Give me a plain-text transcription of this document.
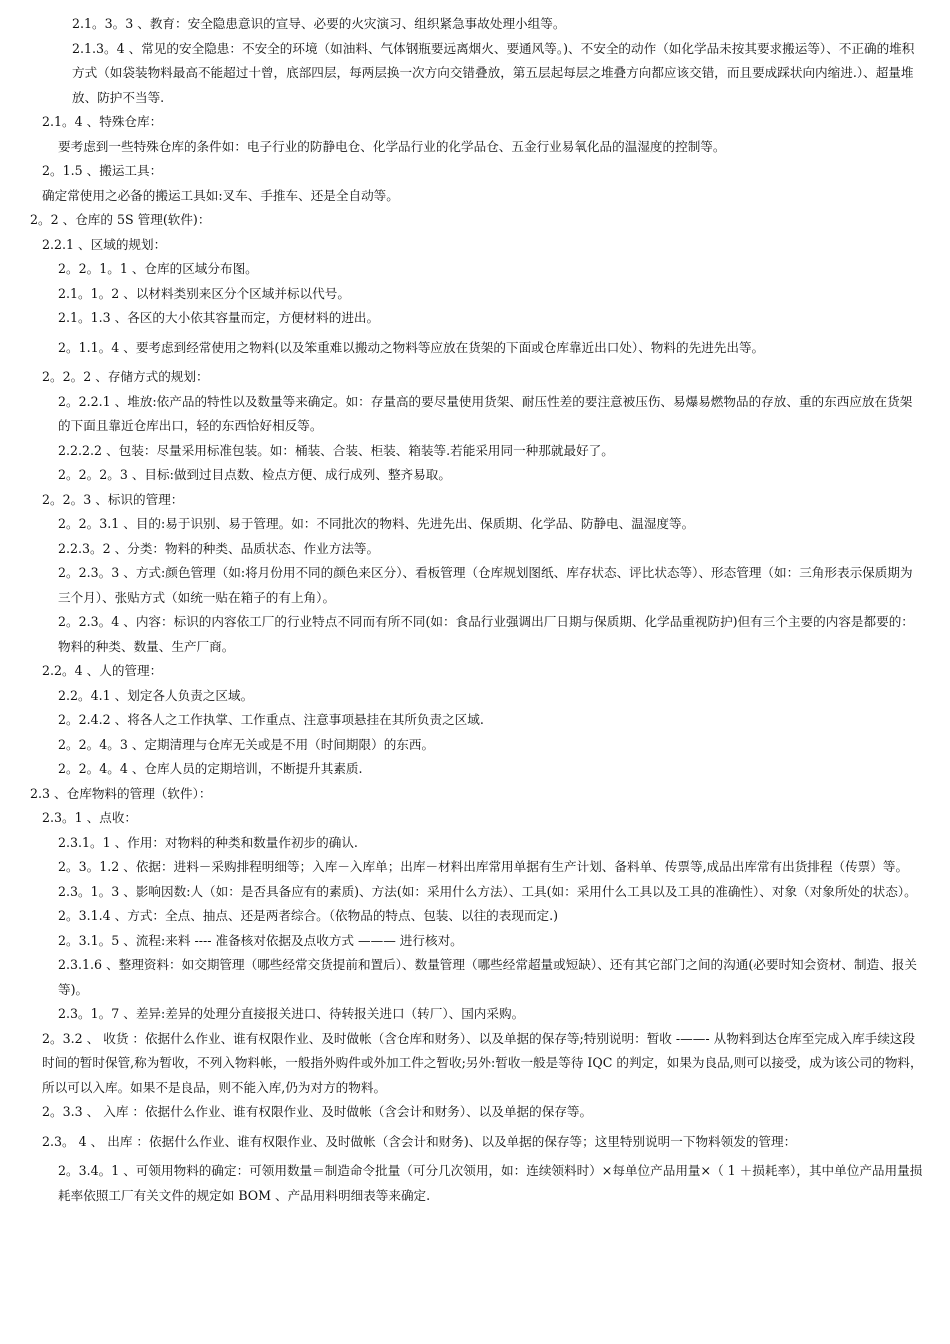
2.1。3。3 、教育：安全隐患意识的宣导、必要的火灾演习、组织紧急事故处理小组等。

2.1.3。4 、常见的安全隐患：不安全的环境（如油料、气体钢瓶要远离烟火、要通风等。)、不安全的动作（如化学品未按其要求搬运等）、不正确的堆积方式（如袋装物料最高不能超过十曾，底部四层，每两层换一次方向交错叠放，第五层起每层之堆叠方向都应该交错，而且要成踩状向内缩进.）、超量堆放、防护不当等.

2.1。4 、特殊仓库：

要考虑到一些特殊仓库的条件如：电子行业的防静电仓、化学品行业的化学品仓、五金行业易氧化品的温湿度的控制等。

2。1.5 、搬运工具：

确定常使用之必备的搬运工具如:叉车、手推车、还是全自动等。

2。2 、仓库的 5S 管理(软件)：

2.2.1 、区域的规划：

2。2。1。1 、仓库的区域分布图。

2.1。1。2 、以材料类别来区分个区域并标以代号。

2.1。1.3 、各区的大小依其容量而定，方便材料的进出。

2。1.1。4 、要考虑到经常使用之物料(以及笨重难以搬动之物料等应放在货架的下面或仓库靠近出口处）、物料的先进先出等。

2。2。2 、存储方式的规划：

2。2.2.1 、堆放:依产品的特性以及数量等来确定。如：存量高的要尽量使用货架、耐压性差的要注意被压伤、易爆易燃物品的存放、重的东西应放在货架的下面且靠近仓库出口，轻的东西恰好相反等。

2.2.2.2 、包装：尽量采用标准包装。如：桶装、合装、柜装、箱装等.若能采用同一种那就最好了。

2。2。2。3 、目标:做到过目点数、检点方便、成行成列、整齐易取。

2。2。3 、标识的管理：

2。2。3.1 、目的:易于识别、易于管理。如：不同批次的物料、先进先出、保质期、化学品、防静电、温湿度等。

2.2.3。2 、分类：物料的种类、品质状态、作业方法等。

2。2.3。3 、方式:颜色管理（如:将月份用不同的颜色来区分）、看板管理（仓库规划图纸、库存状态、评比状态等）、形态管理（如：三角形表示保质期为三个月）、张贴方式（如统一贴在箱子的有上角）。

2。2.3。4 、内容：标识的内容依工厂的行业特点不同而有所不同(如：食品行业强调出厂日期与保质期、化学品重视防护)但有三个主要的内容是都要的：物料的种类、数量、生产厂商。

2.2。4 、人的管理：

2.2。4.1 、划定各人负责之区域。

2。2.4.2 、将各人之工作执掌、工作重点、注意事项悬挂在其所负责之区域.

2。2。4。3 、定期清理与仓库无关或是不用（时间期限）的东西。

2。2。4。4 、仓库人员的定期培训，不断提升其素质.

2.3 、仓库物料的管理（软件）：

2.3。1 、点收：

2.3.1。1 、作用：对物料的种类和数量作初步的确认.

2。3。1.2 、依据：进料－采购排程明细等；入库－入库单；出库－材料出库常用单据有生产计划、备料单、传票等,成品出库常有出货排程（传票）等。

2.3。1。3 、影响因数:人（如：是否具备应有的素质)、方法(如：采用什么方法）、工具(如：采用什么工具以及工具的准确性）、对象（对象所处的状态）。

2。3.1.4 、方式：全点、抽点、还是两者综合。（依物品的特点、包装、以往的表现而定.)

2。3.1。5 、流程:来料 ---- 准备核对依据及点收方式 ——— 进行核对。

2.3.1.6 、整理资料：如交期管理（哪些经常交货提前和置后）、数量管理（哪些经常超量或短缺）、还有其它部门之间的沟通(必要时知会资材、制造、报关等)。

2.3。1。7 、差异:差异的处理分直接报关进口、待转报关进口（转厂）、国内采购。

2。3.2 、 收货 ：依据什么作业、谁有权限作业、及时做帐（含仓库和财务）、以及单据的保存等;特别说明：暂收 -——- 从物料到达仓库至完成入库手续这段时间的暂时保管,称为暂收，不列入物料帐，一般指外购件或外加工件之暂收;另外:暂收一般是等待 IQC 的判定，如果为良品,则可以接受，成为该公司的物料，所以可以入库。如果不是良品，则不能入库,仍为对方的物料。

2。3.3 、 入库 ：依据什么作业、谁有权限作业、及时做帐（含会计和财务）、以及单据的保存等。

2.3。 4 、 出库 ：依据什么作业、谁有权限作业、及时做帐（含会计和财务)、以及单据的保存等；这里特别说明一下物料领发的管理：

2。3.4。1 、可领用物料的确定：可领用数量＝制造命令批量（可分几次领用，如：连续领料时）×每单位产品用量×（ 1 ＋损耗率），其中单位产品用量损耗率依照工厂有关文件的规定如 BOM 、产品用料明细表等来确定.
